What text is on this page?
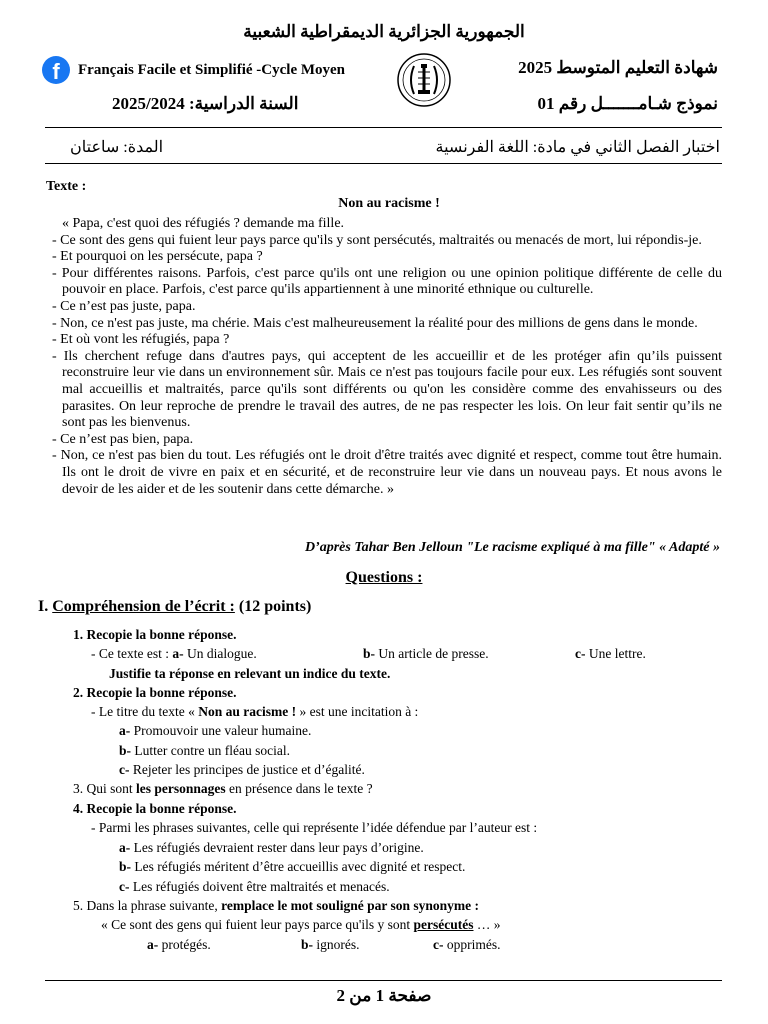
الجمهورية الجزائرية الديمقراطية الشعبية
f	Français Facile et Simplifié -Cycle Moyen
السنة الدراسية: 2025/2024
شهادة التعليم المتوسط 2025
نموذج شـامـــــــل رقم 01
اختبار الفصل الثاني في مادة: اللغة الفرنسية
المدة: ساعتان
Texte :
Non au racisme !

« Papa, c'est quoi des réfugiés ? demande ma fille.

- Ce sont des gens qui fuient leur pays parce qu'ils y sont persécutés, maltraités ou menacés de mort, lui répondis-je.

- Et pourquoi on les persécute, papa ?

- Pour différentes raisons. Parfois, c'est parce qu'ils ont une religion ou une opinion politique différente de celle du pouvoir en place. Parfois, c'est parce qu'ils appartiennent à une minorité ethnique ou culturelle.

- Ce n’est pas juste, papa.

- Non, ce n'est pas juste, ma chérie. Mais c'est malheureusement la réalité pour des millions de gens dans le monde.

- Et où vont les réfugiés, papa ?

- Ils cherchent refuge dans d'autres pays, qui acceptent de les accueillir et de les protéger afin qu’ils puissent reconstruire leur vie dans un environnement sûr. Mais ce n'est pas toujours facile pour eux. Les réfugiés sont souvent mal accueillis et maltraités, parce qu'ils sont différents ou qu'on les considère comme des envahisseurs ou des parasites. On leur reproche de prendre le travail des autres, de ne pas respecter les lois. On leur fait sentir qu’ils ne sont pas les bienvenus.

- Ce n’est pas bien, papa.

- Non, ce n'est pas bien du tout. Les réfugiés ont le droit d'être traités avec dignité et respect, comme tout être humain. Ils ont le droit de vivre en paix et en sécurité, et de reconstruire leur vie dans un nouveau pays. Et nous avons le devoir de les aider et de les soutenir dans cette démarche. »

D’après Tahar Ben Jelloun "Le racisme expliqué à ma fille" « Adapté »
Questions :
I. Compréhension de l’écrit : (12 points)
1. Recopie la bonne réponse.
- Ce texte est : a- Un dialogue.	b- Un article de presse.	c- Une lettre.
Justifie ta réponse en relevant un indice du texte.
2. Recopie la bonne réponse.
- Le titre du texte « Non au racisme ! » est une incitation à :
a- Promouvoir une valeur humaine.
b- Lutter contre un fléau social.
c- Rejeter les principes de justice et d’égalité.
3. Qui sont les personnages en présence dans le texte ?
4. Recopie la bonne réponse.
- Parmi les phrases suivantes, celle qui représente l’idée défendue par l’auteur est :
a- Les réfugiés devraient rester dans leur pays d’origine.
b- Les réfugiés méritent d’être accueillis avec dignité et respect.
c- Les réfugiés doivent être maltraités et menacés.
5. Dans la phrase suivante, remplace le mot souligné par son synonyme :
« Ce sont des gens qui fuient leur pays parce qu'ils y sont persécutés … »
a- protégés.	b- ignorés.	c- opprimés.
صفحة 1 من 2
